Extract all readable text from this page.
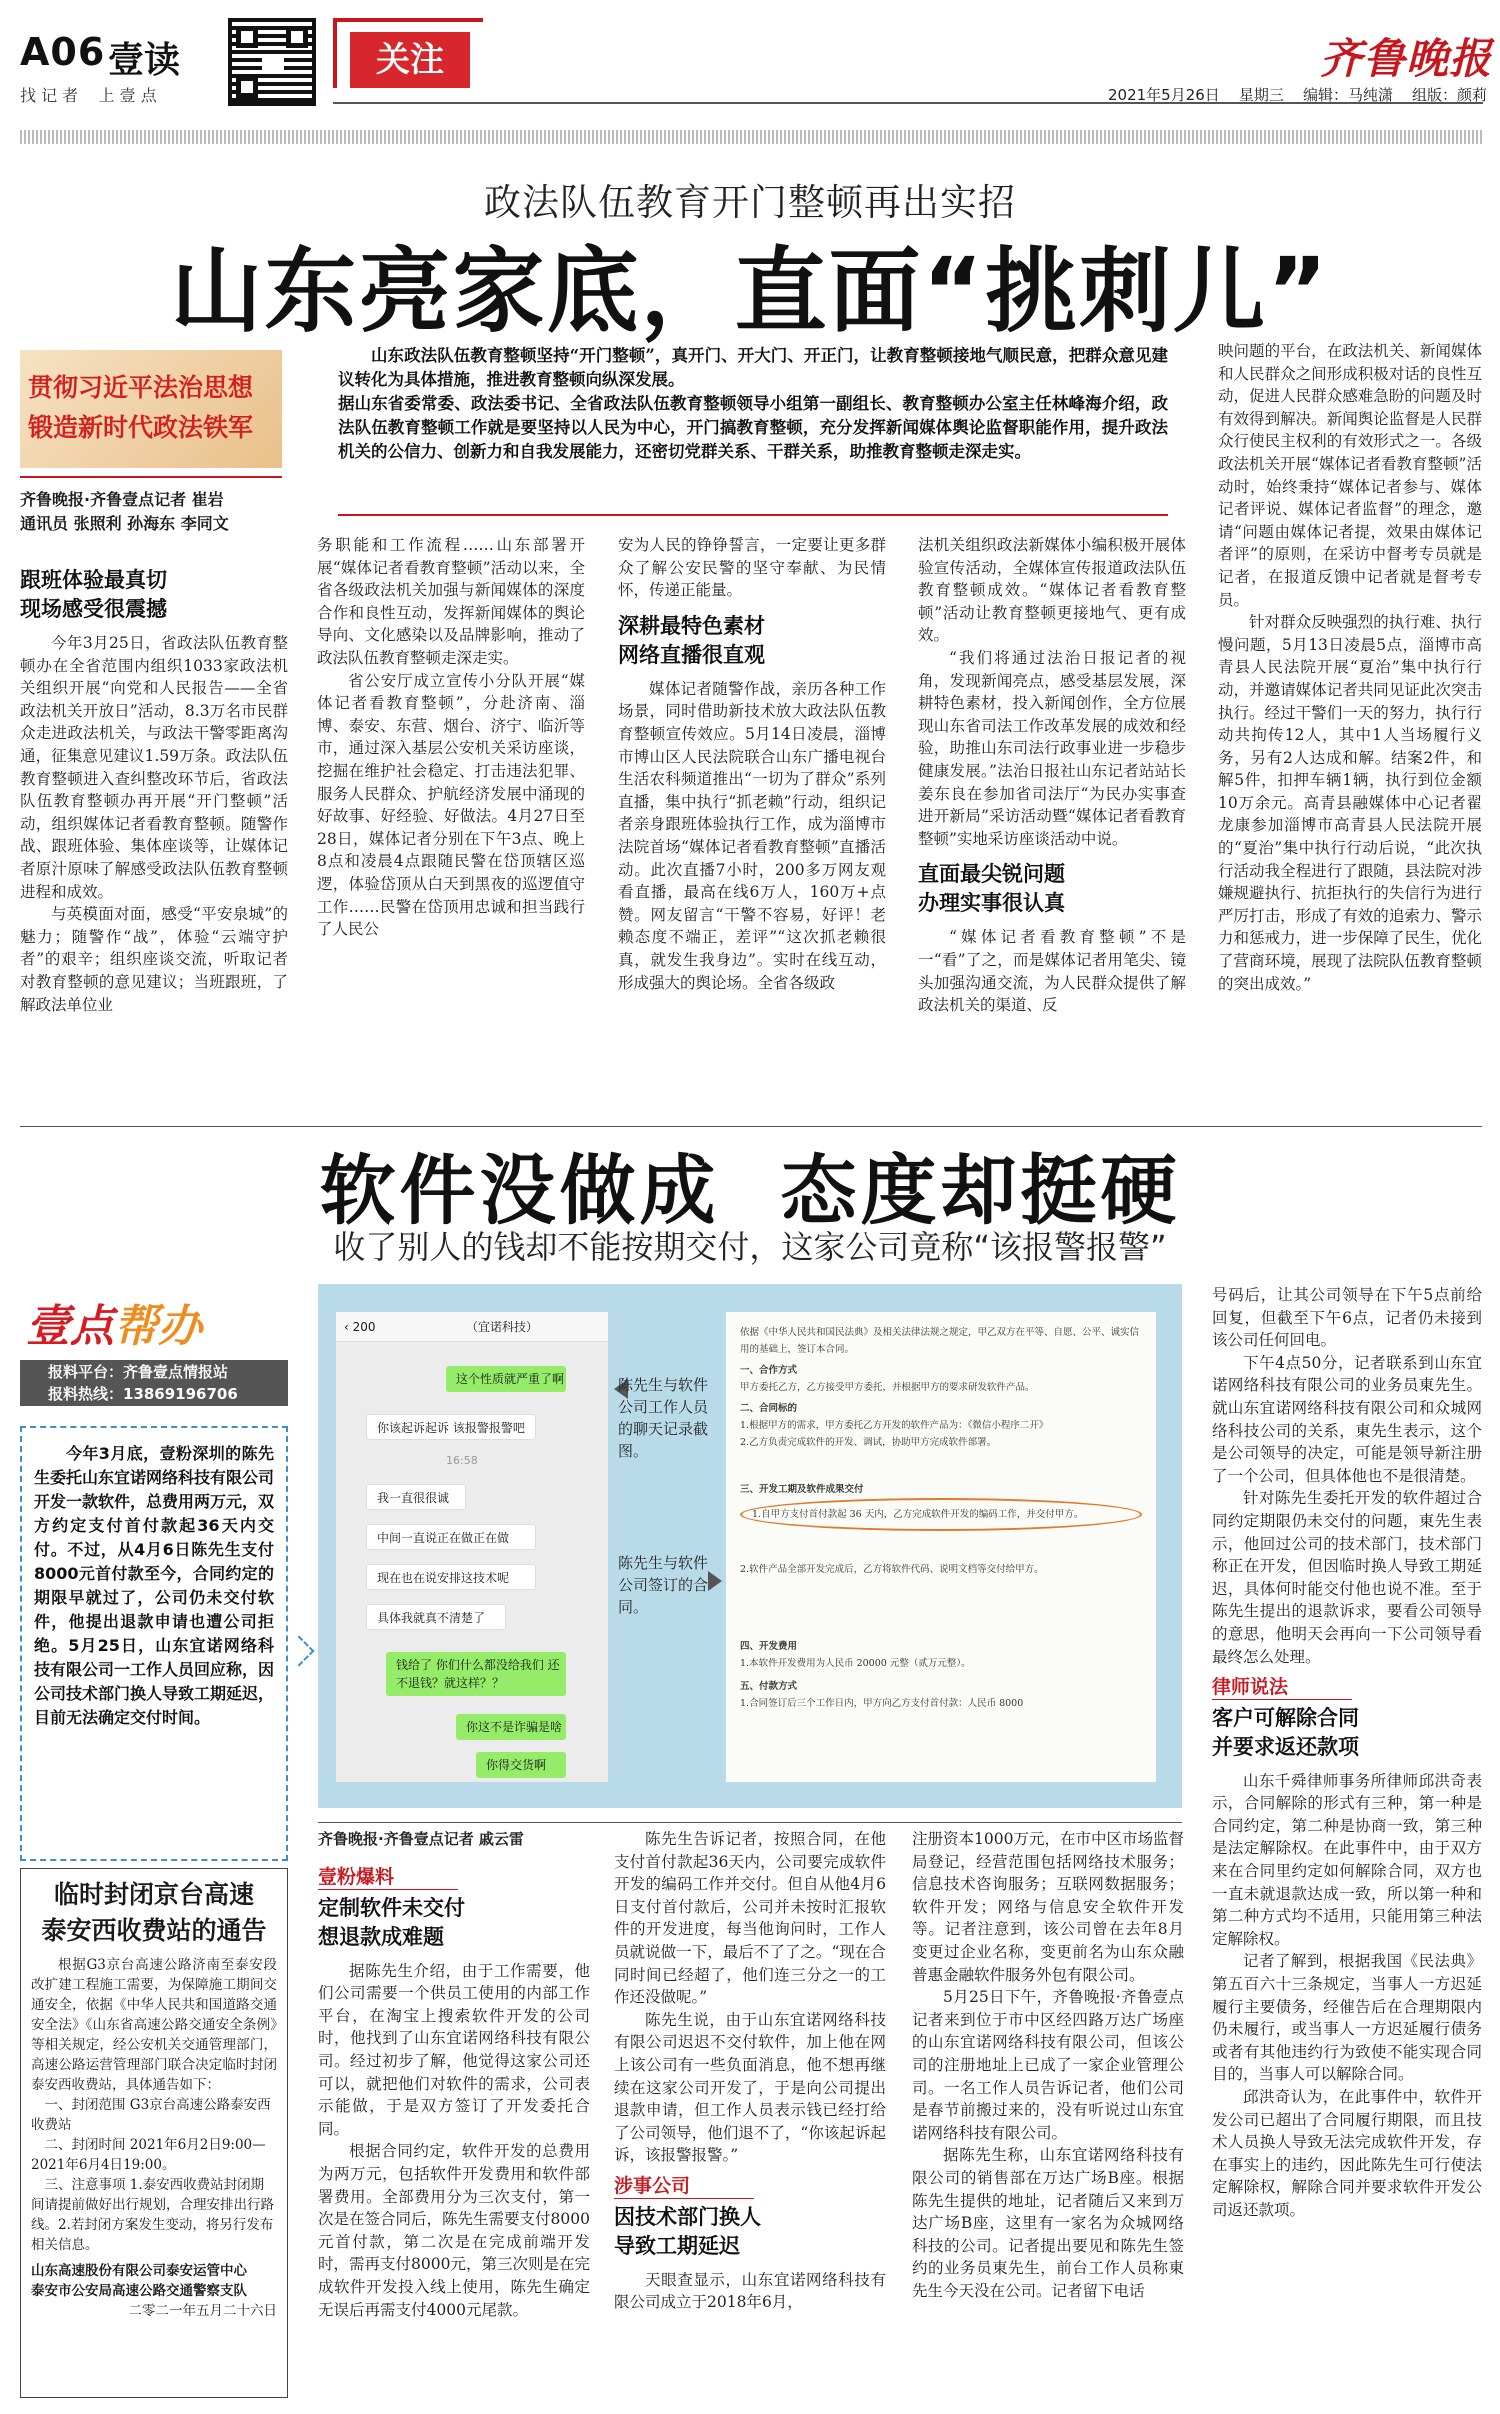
A06 壹读
找 记 者    上 壹 点
关注	齐鲁晚报
2021年5月26日    星期三    编辑：马纯潇    组版：颜莉
政法队伍教育开门整顿再出实招
山东亮家底，直面“挑刺儿”
贯彻习近平法治思想
锻造新时代政法铁军
齐鲁晚报·齐鲁壹点记者 崔岩
通讯员 张照利 孙海东 李同文
山东政法队伍教育整顿坚持“开门整顿”，真开门、开大门、开正门，让教育整顿接地气顺民意，把群众意见建议转化为具体措施，推进教育整顿向纵深发展。
据山东省委常委、政法委书记、全省政法队伍教育整顿领导小组第一副组长、教育整顿办公室主任林峰海介绍，政法队伍教育整顿工作就是要坚持以人民为中心，开门搞教育整顿，充分发挥新闻媒体舆论监督职能作用，提升政法机关的公信力、创新力和自我发展能力，还密切党群关系、干群关系，助推教育整顿走深走实。
跟班体验最真切
现场感受很震撼

今年3月25日，省政法队伍教育整顿办在全省范围内组织1033家政法机关组织开展“向党和人民报告——全省政法机关开放日”活动，8.3万名市民群众走进政法机关，与政法干警零距离沟通，征集意见建议1.59万条。政法队伍教育整顿进入查纠整改环节后，省政法队伍教育整顿办再开展“开门整顿”活动，组织媒体记者看教育整顿。随警作战、跟班体验、集体座谈等，让媒体记者原汁原味了解感受政法队伍教育整顿进程和成效。

与英模面对面，感受“平安泉城”的魅力；随警作“战”，体验“云端守护者”的艰辛；组织座谈交流，听取记者对教育整顿的意见建议；当班跟班，了解政法单位业

务职能和工作流程……山东部署开展“媒体记者看教育整顿”活动以来，全省各级政法机关加强与新闻媒体的深度合作和良性互动，发挥新闻媒体的舆论导向、文化感染以及品牌影响，推动了政法队伍教育整顿走深走实。

省公安厅成立宣传小分队开展“媒体记者看教育整顿”，分赴济南、淄博、泰安、东营、烟台、济宁、临沂等市，通过深入基层公安机关采访座谈，挖掘在维护社会稳定、打击违法犯罪、服务人民群众、护航经济发展中涌现的好故事、好经验、好做法。4月27日至28日，媒体记者分别在下午3点、晚上8点和凌晨4点跟随民警在岱顶辖区巡逻，体验岱顶从白天到黑夜的巡逻值守工作……民警在岱顶用忠诚和担当践行了人民公

安为人民的铮铮誓言，一定要让更多群众了解公安民警的坚守奉献、为民情怀，传递正能量。

深耕最特色素材
网络直播很直观

媒体记者随警作战，亲历各种工作场景，同时借助新技术放大政法队伍教育整顿宣传效应。5月14日凌晨，淄博市博山区人民法院联合山东广播电视台生活农科频道推出“一切为了群众”系列直播，集中执行“抓老赖”行动，组织记者亲身跟班体验执行工作，成为淄博市法院首场“媒体记者看教育整顿”直播活动。此次直播7小时，200多万网友观看直播，最高在线6万人，160万+点赞。网友留言“干警不容易，好评！老赖态度不端正，差评”“这次抓老赖很真，就发生我身边”。实时在线互动，形成强大的舆论场。全省各级政

法机关组织政法新媒体小编积极开展体验宣传活动，全媒体宣传报道政法队伍教育整顿成效。“媒体记者看教育整顿”活动让教育整顿更接地气、更有成效。

“我们将通过法治日报记者的视角，发现新闻亮点，感受基层发展，深耕特色素材，投入新闻创作，全方位展现山东省司法工作改革发展的成效和经验，助推山东司法行政事业进一步稳步健康发展。”法治日报社山东记者站站长姜东良在参加省司法厅“为民办实事查进开新局”采访活动暨“媒体记者看教育整顿”实地采访座谈活动中说。

直面最尖锐问题
办理实事很认真

“媒体记者看教育整顿”不是一“看”了之，而是媒体记者用笔尖、镜头加强沟通交流，为人民群众提供了解政法机关的渠道、反

映问题的平台，在政法机关、新闻媒体和人民群众之间形成积极对话的良性互动，促进人民群众感难急盼的问题及时有效得到解决。新闻舆论监督是人民群众行使民主权利的有效形式之一。各级政法机关开展“媒体记者看教育整顿”活动时，始终秉持“媒体记者参与、媒体记者评说、媒体记者监督”的理念，邀请“问题由媒体记者提，效果由媒体记者评”的原则，在采访中督考专员就是记者，在报道反馈中记者就是督考专员。

针对群众反映强烈的执行难、执行慢问题，5月13日凌晨5点，淄博市高青县人民法院开展“夏治”集中执行行动，并邀请媒体记者共同见证此次突击执行。经过干警们一天的努力，执行行动共拘传12人，其中1人当场履行义务，另有2人达成和解。结案2件，和解5件，扣押车辆1辆，执行到位金额10万余元。高青县融媒体中心记者翟龙康参加淄博市高青县人民法院开展的“夏治”集中执行行动后说，“此次执行活动我全程进行了跟随，县法院对涉嫌规避执行、抗拒执行的失信行为进行严厉打击，形成了有效的追索力、警示力和惩戒力，进一步保障了民生，优化了营商环境，展现了法院队伍教育整顿的突出成效。”

软件没做成  态度却挺硬
收了别人的钱却不能按期交付，这家公司竟称“该报警报警”
壹点帮办
报料平台：齐鲁壹点情报站
报料热线：13869196706
今年3月底，壹粉深圳的陈先生委托山东宜诺网络科技有限公司开发一款软件，总费用两万元，双方约定支付首付款起36天内交付。不过，从4月6日陈先生支付8000元首付款至今，合同约定的期限早就过了，公司仍未交付软件，他提出退款申请也遭公司拒绝。5月25日，山东宜诺网络科技有限公司一工作人员回应称，因公司技术部门换人导致工期延迟，目前无法确定交付时间。
‹ 200	（宜诺科技）
这个性质就严重了啊
你该起诉起诉 该报警报警吧
16:58
我一直很很诚
中间一直说正在做正在做
现在也在说安排这技术呢
具体我就真不清楚了
钱给了 你们什么都没给我们 还不退钱？就这样？？
你这不是诈骗是啥
你得交货啊
陈先生与软件公司工作人员的聊天记录截图。
陈先生与软件公司签订的合同。
依据《中华人民共和国民法典》及相关法律法规之规定，甲乙双方在平等、自愿、公平、诚实信用的基础上，签订本合同。
一、合作方式
甲方委托乙方，乙方接受甲方委托，并根据甲方的要求研发软件产品。
二、合同标的
1.根据甲方的需求，甲方委托乙方开发的软件产品为：《微信小程序二开》
2.乙方负责完成软件的开发、调试，协助甲方完成软件部署。
三、开发工期及软件成果交付
1.自甲方支付首付款起 36 天内，乙方完成软件开发的编码工作，并交付甲方。
2.软件产品全部开发完成后，乙方将软件代码、说明文档等交付给甲方。
四、开发费用
1.本软件开发费用为人民币 20000 元整（贰万元整）。
五、付款方式
1.合同签订后三个工作日内，甲方向乙方支付首付款：人民币 8000

齐鲁晚报·齐鲁壹点记者 戚云雷

壹粉爆料
定制软件未交付
想退款成难题

据陈先生介绍，由于工作需要，他们公司需要一个供员工使用的内部工作平台，在淘宝上搜索软件开发的公司时，他找到了山东宜诺网络科技有限公司。经过初步了解，他觉得这家公司还可以，就把他们对软件的需求，公司表示能做，于是双方签订了开发委托合同。

根据合同约定，软件开发的总费用为两万元，包括软件开发费用和软件部署费用。全部费用分为三次支付，第一次是在签合同后，陈先生需要支付8000元首付款，第二次是在完成前端开发时，需再支付8000元，第三次则是在完成软件开发投入线上使用，陈先生确定无误后再需支付4000元尾款。

陈先生告诉记者，按照合同，在他支付首付款起36天内，公司要完成软件开发的编码工作并交付。但自从他4月6日支付首付款后，公司并未按时汇报软件的开发进度，每当他询问时，工作人员就说做一下，最后不了了之。“现在合同时间已经超了，他们连三分之一的工作还没做呢。”

陈先生说，由于山东宜诺网络科技有限公司迟迟不交付软件，加上他在网上该公司有一些负面消息，他不想再继续在这家公司开发了，于是向公司提出退款申请，但工作人员表示钱已经打给了公司领导，他们退不了，“你该起诉起诉，该报警报警。”

涉事公司
因技术部门换人
导致工期延迟

天眼查显示，山东宜诺网络科技有限公司成立于2018年6月，

注册资本1000万元，在市中区市场监督局登记，经营范围包括网络技术服务；信息技术咨询服务；互联网数据服务；软件开发；网络与信息安全软件开发等。记者注意到，该公司曾在去年8月变更过企业名称，变更前名为山东众融普惠金融软件服务外包有限公司。

5月25日下午，齐鲁晚报·齐鲁壹点记者来到位于市中区经四路万达广场座的山东宜诺网络科技有限公司，但该公司的注册地址上已成了一家企业管理公司。一名工作人员告诉记者，他们公司是春节前搬过来的，没有听说过山东宜诺网络科技有限公司。

据陈先生称，山东宜诺网络科技有限公司的销售部在万达广场B座。根据陈先生提供的地址，记者随后又来到万达广场B座，这里有一家名为众城网络科技的公司。记者提出要见和陈先生签约的业务员東先生，前台工作人员称東先生今天没在公司。记者留下电话

号码后，让其公司领导在下午5点前给回复，但截至下午6点，记者仍未接到该公司任何回电。

下午4点50分，记者联系到山东宜诺网络科技有限公司的业务员東先生。就山东宜诺网络科技有限公司和众城网络科技公司的关系，東先生表示，这个是公司领导的决定，可能是领导新注册了一个公司，但具体他也不是很清楚。

针对陈先生委托开发的软件超过合同约定期限仍未交付的问题，東先生表示，他回过公司的技术部门，技术部门称正在开发，但因临时换人导致工期延迟，具体何时能交付他也说不准。至于陈先生提出的退款诉求，要看公司领导的意思，他明天会再向一下公司领导看最终怎么处理。

律师说法
客户可解除合同
并要求返还款项

山东千舜律师事务所律师邱洪奇表示，合同解除的形式有三种，第一种是合同约定，第二种是协商一致，第三种是法定解除权。在此事件中，由于双方来在合同里约定如何解除合同，双方也一直未就退款达成一致，所以第一种和第二种方式均不适用，只能用第三种法定解除权。

记者了解到，根据我国《民法典》第五百六十三条规定，当事人一方迟延履行主要债务，经催告后在合理期限内仍未履行，或当事人一方迟延履行债务或者有其他违约行为致使不能实现合同目的，当事人可以解除合同。

邱洪奇认为，在此事件中，软件开发公司已超出了合同履行期限，而且技术人员换人导致无法完成软件开发，存在事实上的违约，因此陈先生可行使法定解除权，解除合同并要求软件开发公司返还款项。

临时封闭京台高速
泰安西收费站的通告
根据G3京台高速公路济南至泰安段改扩建工程施工需要，为保障施工期间交通安全，依据《中华人民共和国道路交通安全法》《山东省高速公路交通安全条例》等相关规定，经公安机关交通管理部门，高速公路运营管理部门联合决定临时封闭泰安西收费站，具体通告如下：
一、封闭范围 G3京台高速公路泰安西收费站
二、封闭时间 2021年6月2日9:00—2021年6月4日19:00。
三、注意事项 1.泰安西收费站封闭期间请提前做好出行规划，合理安排出行路线。2.若封闭方案发生变动，将另行发布相关信息。
山东高速股份有限公司泰安运管中心
泰安市公安局高速公路交通警察支队
二零二一年五月二十六日
